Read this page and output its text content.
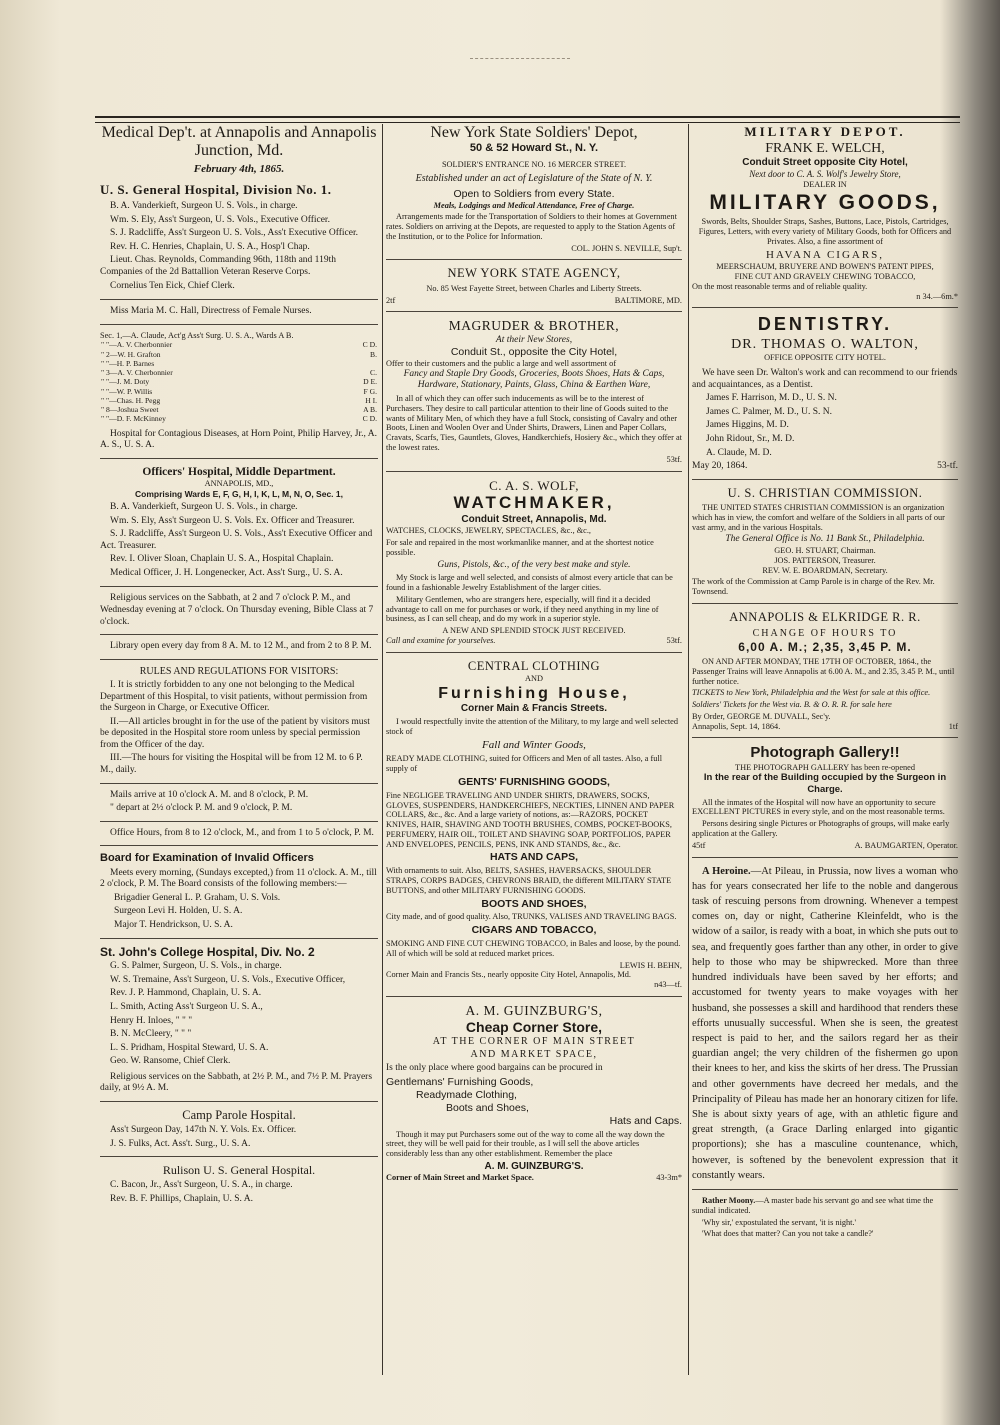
Medical Dep't. at Annapolis and Annapolis Junction, Md.
February 4th, 1865.
U. S. General Hospital, Division No. 1.

B. A. Vanderkieft, Surgeon U. S. Vols., in charge.

Wm. S. Ely, Ass't Surgeon, U. S. Vols., Executive Officer.

S. J. Radcliffe, Ass't Surgeon U. S. Vols., Ass't Executive Officer.

Rev. H. C. Henries, Chaplain, U. S. A., Hosp'l Chap.

Lieut. Chas. Reynolds, Commanding 96th, 118th and 119th Companies of the 2d Battallion Veteran Reserve Corps.

Cornelius Ten Eick, Chief Clerk.

Miss Maria M. C. Hall, Directress of Female Nurses.

Sec. 1,—A. Claude, Act'g Ass't Surg. U. S. A., Wards A B.
" "—A. V. Cherbonnier	C D.
" 2—W. H. Grafton	B.
" "—H. P. Barnes	
" 3—A. V. Cherbonnier	C.
" "—J. M. Doty	D E.
" "—W. P. Willis	F G.
" "—Chas. H. Pegg	H I.
" 8—Joshua Sweet	A B.
" "—D. F. McKinney	C D.

Hospital for Contagious Diseases, at Horn Point, Philip Harvey, Jr., A. A. S., U. S. A.

Officers' Hospital, Middle Department.
ANNAPOLIS, MD.,
Comprising Wards E, F, G, H, I, K, L, M, N, O, Sec. 1,

B. A. Vanderkieft, Surgeon U. S. Vols., in charge.

Wm. S. Ely, Ass't Surgeon U. S. Vols. Ex. Officer and Treasurer.

S. J. Radcliffe, Ass't Surgeon U. S. Vols., Ass't Executive Officer and Act. Treasurer.

Rev. I. Oliver Sloan, Chaplain U. S. A., Hospital Chaplain.

Medical Officer, J. H. Longenecker, Act. Ass't Surg., U. S. A.

Religious services on the Sabbath, at 2 and 7 o'clock P. M., and Wednesday evening at 7 o'clock. On Thursday evening, Bible Class at 7 o'clock.

Library open every day from 8 A. M. to 12 M., and from 2 to 8 P. M.

RULES AND REGULATIONS FOR VISITORS:

I. It is strictly forbidden to any one not belonging to the Medical Department of this Hospital, to visit patients, without permission from the Surgeon in Charge, or Executive Officer.

II.—All articles brought in for the use of the patient by visitors must be deposited in the Hospital store room unless by special permission from the Officer of the day.

III.—The hours for visiting the Hospital will be from 12 M. to 6 P. M., daily.

Mails arrive at 10 o'clock A. M. and 8 o'clock, P. M.

" depart at 2½ o'clock P. M. and 9 o'clock, P. M.

Office Hours, from 8 to 12 o'clock, M., and from 1 to 5 o'clock, P. M.

Board for Examination of Invalid Officers

Meets every morning, (Sundays excepted,) from 11 o'clock. A. M., till 2 o'clock, P. M. The Board consists of the following members:—

Brigadier General L. P. Graham, U. S. Vols.

Surgeon Levi H. Holden, U. S. A.

Major T. Hendrickson, U. S. A.

St. John's College Hospital, Div. No. 2

G. S. Palmer, Surgeon, U. S. Vols., in charge.

W. S. Tremaine, Ass't Surgeon, U. S. Vols., Executive Officer,

Rev. J. P. Hammond, Chaplain, U. S. A.

L. Smith, Acting Ass't Surgeon U. S. A.,

Henry H. Inloes, " " "

B. N. McCleery, " " "

L. S. Pridham, Hospital Steward, U. S. A.

Geo. W. Ransome, Chief Clerk.

Religious services on the Sabbath, at 2½ P. M., and 7½ P. M. Prayers daily, at 9½ A. M.

Camp Parole Hospital.

Ass't Surgeon Day, 147th N. Y. Vols. Ex. Officer.

J. S. Fulks, Act. Ass't. Surg., U. S. A.

Rulison U. S. General Hospital.

C. Bacon, Jr., Ass't Surgeon, U. S. A., in charge.

Rev. B. F. Phillips, Chaplain, U. S. A.

New York State Soldiers' Depot,
50 & 52 Howard St., N. Y.
SOLDIER'S ENTRANCE NO. 16 MERCER STREET.
Established under an act of Legislature of the State of N. Y.
Open to Soldiers from every State.
Meals, Lodgings and Medical Attendance, Free of Charge.

Arrangements made for the Transportation of Soldiers to their homes at Government rates. Soldiers on arriving at the Depots, are requested to apply to the Station Agents of the Institution, or to the Police for Information.

COL. JOHN S. NEVILLE, Sup't.
NEW YORK STATE AGENCY,

No. 85 West Fayette Street, between Charles and Liberty Streets.

2tf	BALTIMORE, MD.
MAGRUDER & BROTHER,
At their New Stores,
Conduit St., opposite the City Hotel,
Offer to their customers and the public a large and well assortment of
Fancy and Staple Dry Goods, Groceries, Boots Shoes, Hats & Caps, Hardware, Stationary, Paints, Glass, China & Earthen Ware,

In all of which they can offer such inducements as will be to the interest of Purchasers. They desire to call particular attention to their line of Goods suited to the wants of Military Men, of which they have a full Stock, consisting of Cavalry and other Boots, Linen and Woolen Over and Under Shirts, Drawers, Linen and Paper Collars, Cravats, Scarfs, Ties, Gauntlets, Gloves, Handkerchiefs, Hosiery &c., which they offer at the lowest rates.

53tf.
C. A. S. WOLF,
WATCHMAKER,
Conduit Street, Annapolis, Md.
WATCHES, CLOCKS, JEWELRY, SPECTACLES, &c., &c.,

For sale and repaired in the most workmanlike manner, and at the shortest notice possible.

Guns, Pistols, &c., of the very best make and style.

My Stock is large and well selected, and consists of almost every article that can be found in a fashionable Jewelry Establishment of the larger cities.

Military Gentlemen, who are strangers here, especially, will find it a decided advantage to call on me for purchases or work, if they need anything in my line of business, as I can sell cheap, and do my work in a superior style.

A NEW AND SPLENDID STOCK JUST RECEIVED.
Call and examine for yourselves.	53tf.
CENTRAL CLOTHING
AND
Furnishing House,
Corner Main & Francis Streets.

I would respectfully invite the attention of the Military, to my large and well selected stock of

Fall and Winter Goods,

READY MADE CLOTHING, suited for Officers and Men of all tastes. Also, a full supply of

GENTS' FURNISHING GOODS,

Fine NEGLIGEE TRAVELING AND UNDER SHIRTS, DRAWERS, SOCKS, GLOVES, SUSPENDERS, HANDKERCHIEFS, NECKTIES, LINNEN AND PAPER COLLARS, &c., &c. And a large variety of notions, as:—RAZORS, POCKET KNIVES, HAIR, SHAVING AND TOOTH BRUSHES, COMBS, POCKET-BOOKS, PERFUMERY, HAIR OIL, TOILET AND SHAVING SOAP, PORTFOLIOS, PAPER AND ENVELOPES, PENCILS, PENS, INK AND STANDS, &c., &c.

HATS AND CAPS,

With ornaments to suit. Also, BELTS, SASHES, HAVERSACKS, SHOULDER STRAPS, CORPS BADGES, CHEVRONS BRAID, the different MILITARY STATE BUTTONS, and other MILITARY FURNISHING GOODS.

BOOTS AND SHOES,

City made, and of good quality. Also, TRUNKS, VALISES AND TRAVELING BAGS.

CIGARS AND TOBACCO,

SMOKING AND FINE CUT CHEWING TOBACCO, in Bales and loose, by the pound. All of which will be sold at reduced market prices.

LEWIS H. BEHN,
Corner Main and Francis Sts., nearly opposite City Hotel, Annapolis, Md.
n43—tf.
A. M. GUINZBURG'S,
Cheap Corner Store,
AT THE CORNER OF MAIN STREET
AND MARKET SPACE,

Is the only place where good bargains can be procured in

Gentlemans' Furnishing Goods,
Readymade Clothing,
Boots and Shoes,
Hats and Caps.

Though it may put Purchasers some out of the way to come all the way down the street, they will be well paid for their trouble, as I will sell the above articles considerably less than any other establishment. Remember the place

A. M. GUINZBURG'S.
Corner of Main Street and Market Space.	43-3m*
MILITARY DEPOT.
FRANK E. WELCH,
Conduit Street opposite City Hotel,
Next door to C. A. S. Wolf's Jewelry Store,
DEALER IN
MILITARY GOODS,

Swords, Belts, Shoulder Straps, Sashes, Buttons, Lace, Pistols, Cartridges, Figures, Letters, with every variety of Military Goods, both for Officers and Privates. Also, a fine assortment of

HAVANA CIGARS,
MEERSCHAUM, BRUYERE AND BOWEN'S PATENT PIPES,
FINE CUT AND GRAVELY CHEWING TOBACCO,
On the most reasonable terms and of reliable quality.
n 34.—6m.*
DENTISTRY.
DR. THOMAS O. WALTON,
OFFICE OPPOSITE CITY HOTEL.

We have seen Dr. Walton's work and can recommend to our friends and acquaintances, as a Dentist.

James F. Harrison, M. D., U. S. N.

James C. Palmer, M. D., U. S. N.

James Higgins, M. D.

John Ridout, Sr., M. D.

A. Claude, M. D.

May 20, 1864.	53-tf.
U. S. CHRISTIAN COMMISSION.

THE UNITED STATES CHRISTIAN COMMISSION is an organization which has in view, the comfort and welfare of the Soldiers in all parts of our vast army, and in the various Hospitals.

The General Office is No. 11 Bank St., Philadelphia.
GEO. H. STUART, Chairman.
JOS. PATTERSON, Treasurer.
REV. W. E. BOARDMAN, Secretary.

The work of the Commission at Camp Parole is in charge of the Rev. Mr. Townsend.

ANNAPOLIS & ELKRIDGE R. R.
CHANGE OF HOURS TO
6,00 A. M.; 2,35, 3,45 P. M.

ON AND AFTER MONDAY, THE 17TH OF OCTOBER, 1864., the Passenger Trains will leave Annapolis at 6.00 A. M., and 2.35, 3.45 P. M., until further notice.

TICKETS to New York, Philadelphia and the West for sale at this office.

Soldiers' Tickets for the West via. B. & O. R. R. for sale here

By Order, GEORGE M. DUVALL, Sec'y.
Annapolis, Sept. 14, 1864.	1tf
Photograph Gallery!!
THE PHOTOGRAPH GALLERY has been re-opened
In the rear of the Building occupied by the Surgeon in Charge.

All the inmates of the Hospital will now have an opportunity to secure EXCELLENT PICTURES in every style, and on the most reasonable terms.

Persons desiring single Pictures or Photographs of groups, will make early application at the Gallery.

45tf	A. BAUMGARTEN, Operator.

A Heroine.—At Pileau, in Prussia, now lives a woman who has for years consecrated her life to the noble and dangerous task of rescuing persons from drowning. Whenever a tempest comes on, day or night, Catherine Kleinfeldt, who is the widow of a sailor, is ready with a boat, in which she puts out to sea, and frequently goes farther than any other, in order to give help to those who may be shipwrecked. More than three hundred individuals have been saved by her efforts; and accustomed for twenty years to make voyages with her husband, she possesses a skill and hardihood that renders these efforts unusually successful. When she is seen, the greatest respect is paid to her, and the sailors regard her as their guardian angel; the very children of the fishermen go upon their knees to her, and kiss the skirts of her dress. The Prussian and other governments have decreed her medals, and the Principality of Pileau has made her an honorary citizen for life. She is about sixty years of age, with an athletic figure and great strength, (a Grace Darling enlarged into gigantic proportions); she has a masculine countenance, which, however, is softened by the benevolent expression that it constantly wears.

Rather Moony.—A master bade his servant go and see what time the sundial indicated.

'Why sir,' expostulated the servant, 'it is night.'

'What does that matter? Can you not take a candle?'
